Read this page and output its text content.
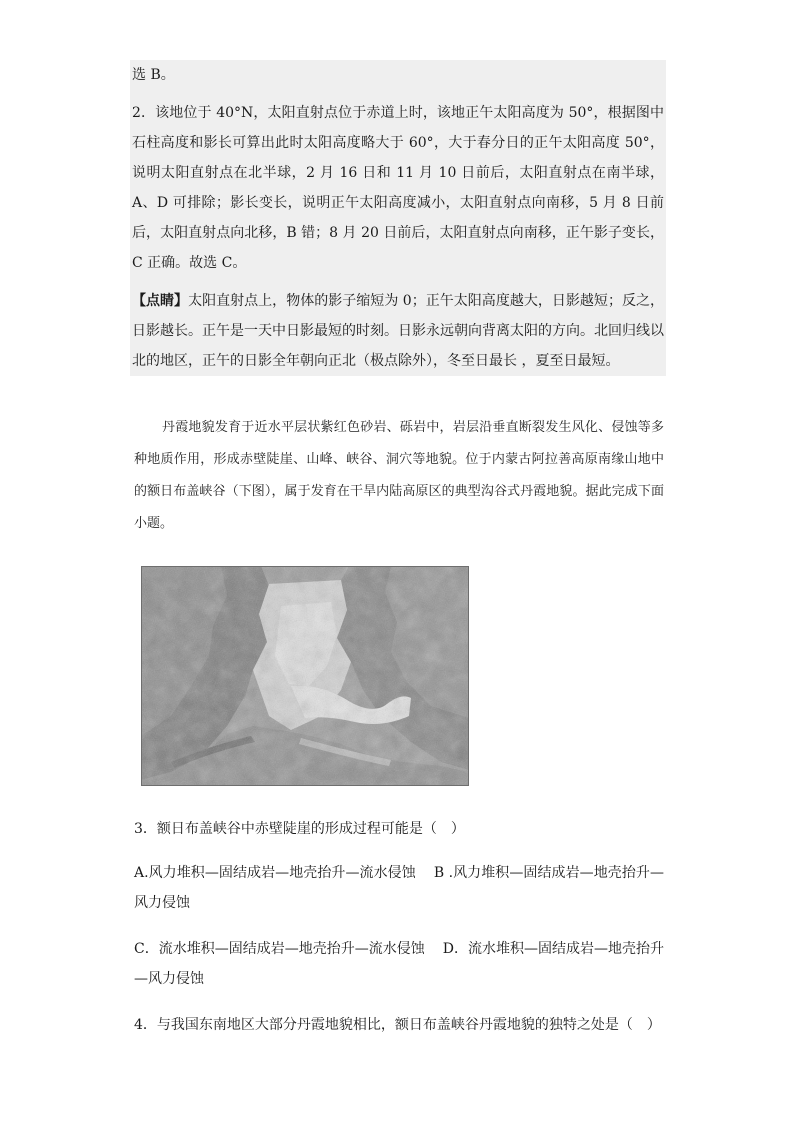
选 B。

2．该地位于 40°N，太阳直射点位于赤道上时，该地正午太阳高度为 50°，根据图中石柱高度和影长可算出此时太阳高度略大于 60°，大于春分日的正午太阳高度 50°，说明太阳直射点在北半球，2 月 16 日和 11 月 10 日前后，太阳直射点在南半球，A、D 可排除；影长变长，说明正午太阳高度减小，太阳直射点向南移，5 月 8 日前后，太阳直射点向北移，B 错；8 月 20 日前后，太阳直射点向南移，正午影子变长，C 正确。故选 C。

【点睛】太阳直射点上，物体的影子缩短为 0；正午太阳高度越大，日影越短；反之，日影越长。正午是一天中日影最短的时刻。日影永远朝向背离太阳的方向。北回归线以北的地区，正午的日影全年朝向正北（极点除外），冬至日最长 ，夏至日最短。

丹霞地貌发育于近水平层状紫红色砂岩、砾岩中，岩层沿垂直断裂发生风化、侵蚀等多种地质作用，形成赤壁陡崖、山峰、峡谷、洞穴等地貌。位于内蒙古阿拉善高原南缘山地中的额日布盖峡谷（下图），属于发育在干旱内陆高原区的典型沟谷式丹霞地貌。据此完成下面小题。

3．额日布盖峡谷中赤壁陡崖的形成过程可能是（　）

A.风力堆积—固结成岩—地壳抬升—流水侵蚀 B .风力堆积—固结成岩—地壳抬升—风力侵蚀

C．流水堆积—固结成岩—地壳抬升—流水侵蚀 D．流水堆积—固结成岩—地壳抬升—风力侵蚀

4．与我国东南地区大部分丹霞地貌相比，额日布盖峡谷丹霞地貌的独特之处是（　）
